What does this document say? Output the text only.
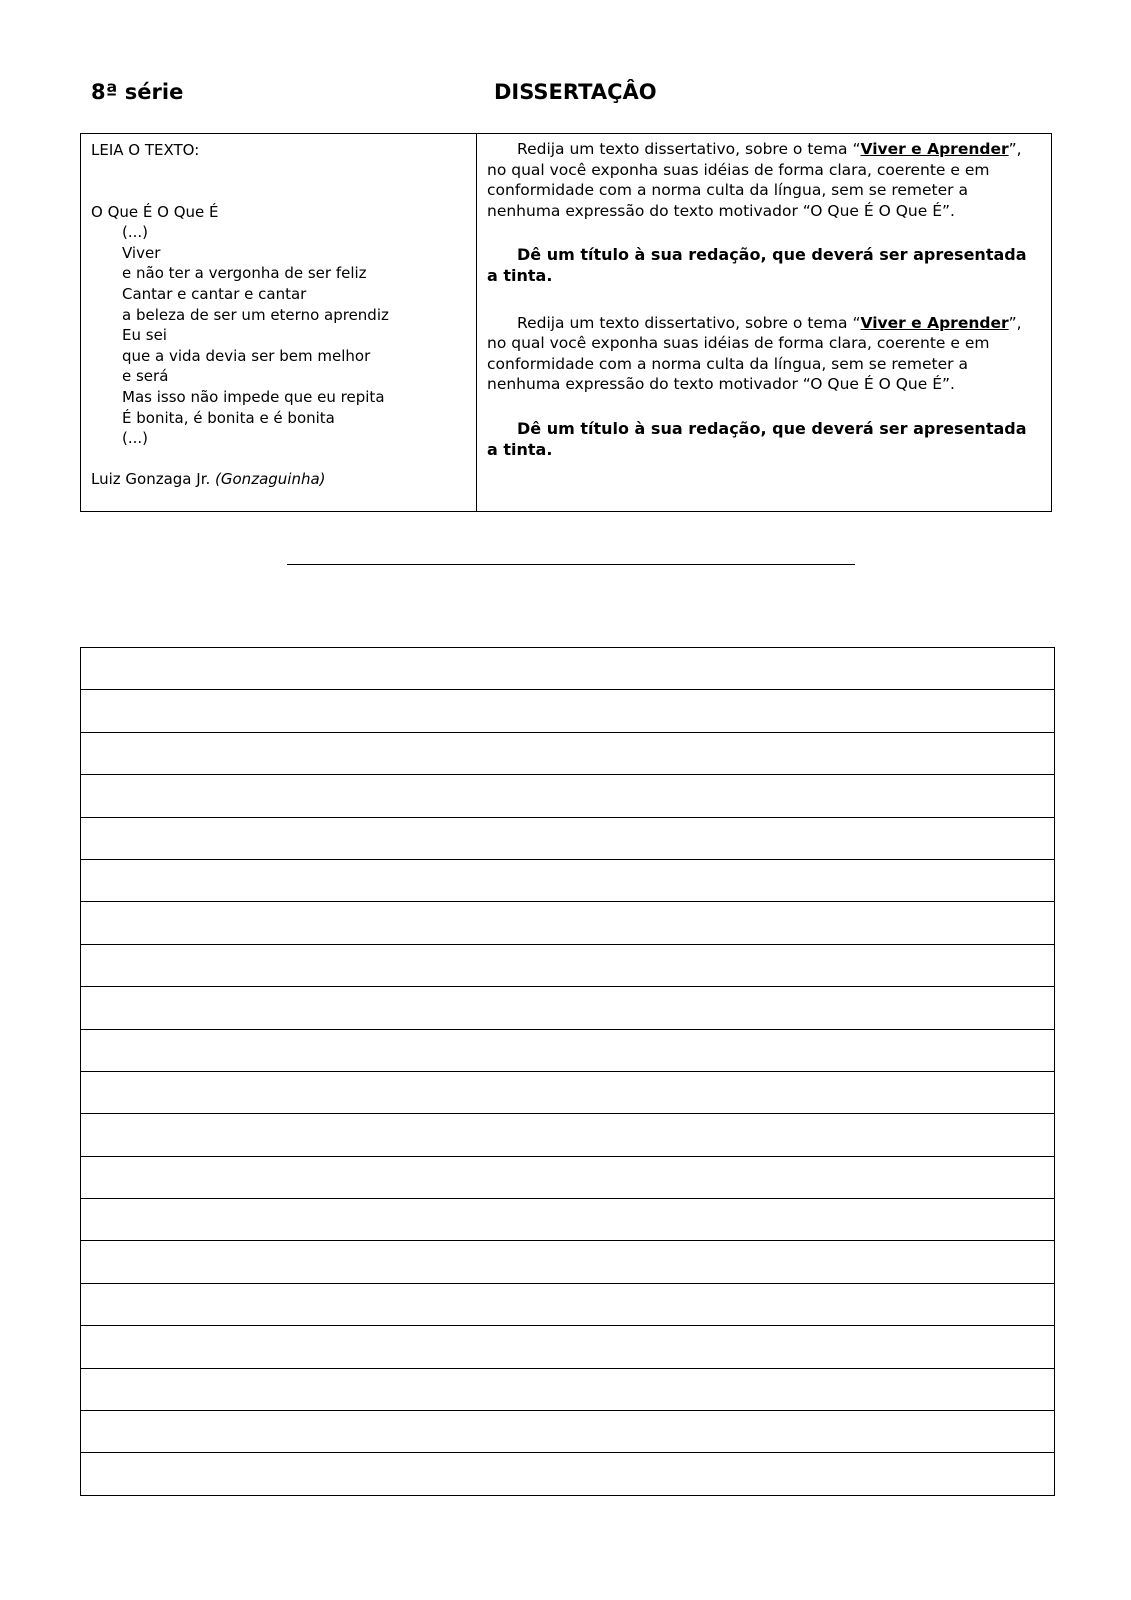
8ª série	DISSERTAÇÂO
LEIA O TEXTO:
O Que É O Que É
(...)
Viver
e não ter a vergonha de ser feliz
Cantar e cantar e cantar
a beleza de ser um eterno aprendiz
Eu sei
que a vida devia ser bem melhor
e será
Mas isso não impede que eu repita
É bonita, é bonita e é bonita
(...)
Luiz Gonzaga Jr. (Gonzaguinha)

Redija um texto dissertativo, sobre o tema “Viver e Aprender”, no qual você exponha suas idéias de forma clara, coerente e em conformidade com a norma culta da língua, sem se remeter a nenhuma expressão do texto motivador “O Que É O Que É”.

Dê um título à sua redação, que deverá ser apresentada a tinta.

Redija um texto dissertativo, sobre o tema “Viver e Aprender”, no qual você exponha suas idéias de forma clara, coerente e em conformidade com a norma culta da língua, sem se remeter a nenhuma expressão do texto motivador “O Que É O Que É”.

Dê um título à sua redação, que deverá ser apresentada a tinta.
